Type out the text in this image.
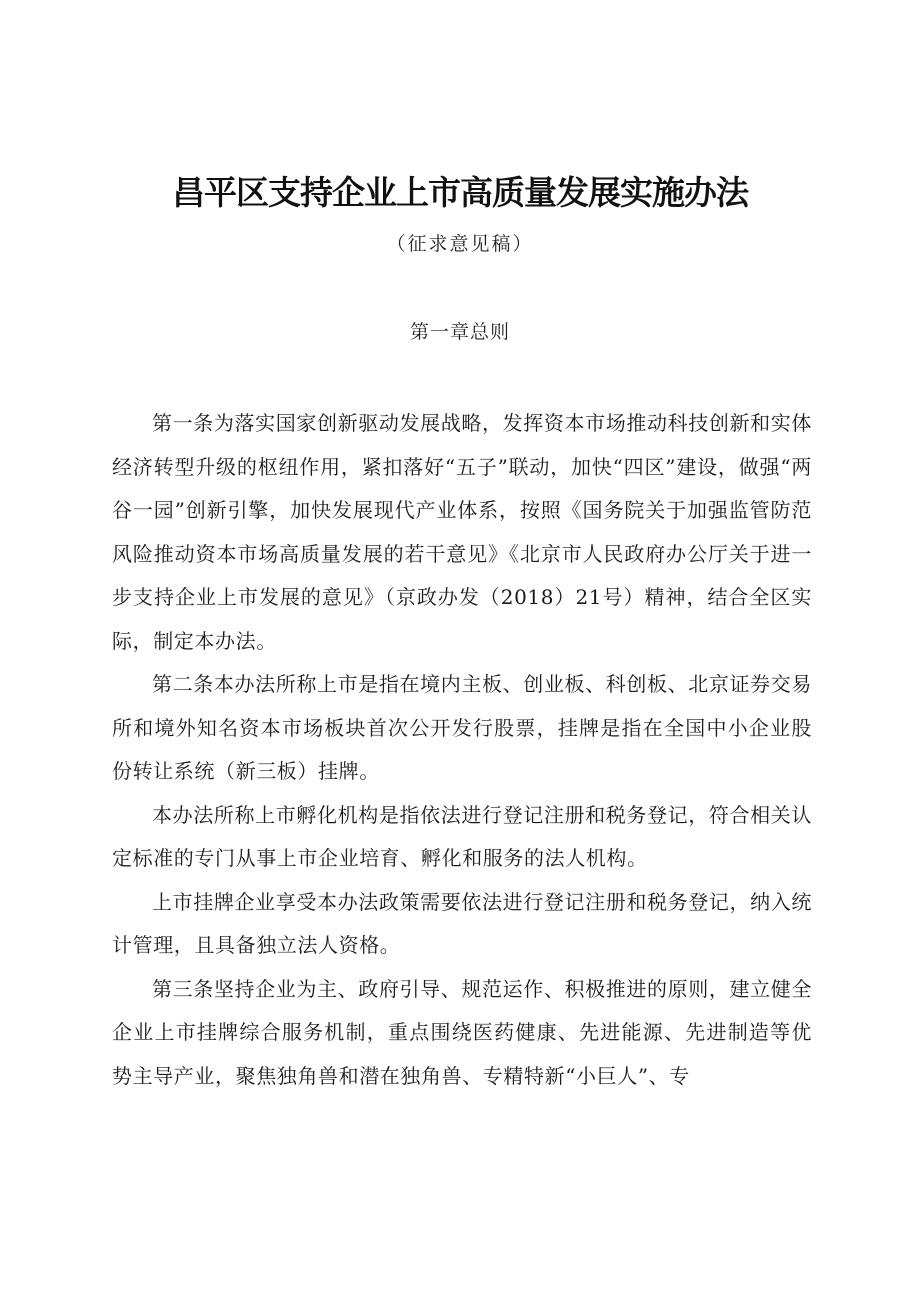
昌平区支持企业上市高质量发展实施办法
（征求意见稿）
第一章总则

第一条为落实国家创新驱动发展战略，发挥资本市场推动科技创新和实体经济转型升级的枢纽作用，紧扣落好“五子”联动，加快“四区”建设，做强“两谷一园”创新引擎，加快发展现代产业体系，按照《国务院关于加强监管防范风险推动资本市场高质量发展的若干意见》《北京市人民政府办公厅关于进一步支持企业上市发展的意见》（京政办发（2018）21号）精神，结合全区实际，制定本办法。

第二条本办法所称上市是指在境内主板、创业板、科创板、北京证券交易所和境外知名资本市场板块首次公开发行股票，挂牌是指在全国中小企业股份转让系统（新三板）挂牌。

本办法所称上市孵化机构是指依法进行登记注册和税务登记，符合相关认定标准的专门从事上市企业培育、孵化和服务的法人机构。

上市挂牌企业享受本办法政策需要依法进行登记注册和税务登记，纳入统计管理，且具备独立法人资格。

第三条坚持企业为主、政府引导、规范运作、积极推进的原则，建立健全企业上市挂牌综合服务机制，重点围绕医药健康、先进能源、先进制造等优势主导产业，聚焦独角兽和潜在独角兽、专精特新“小巨人”、专
